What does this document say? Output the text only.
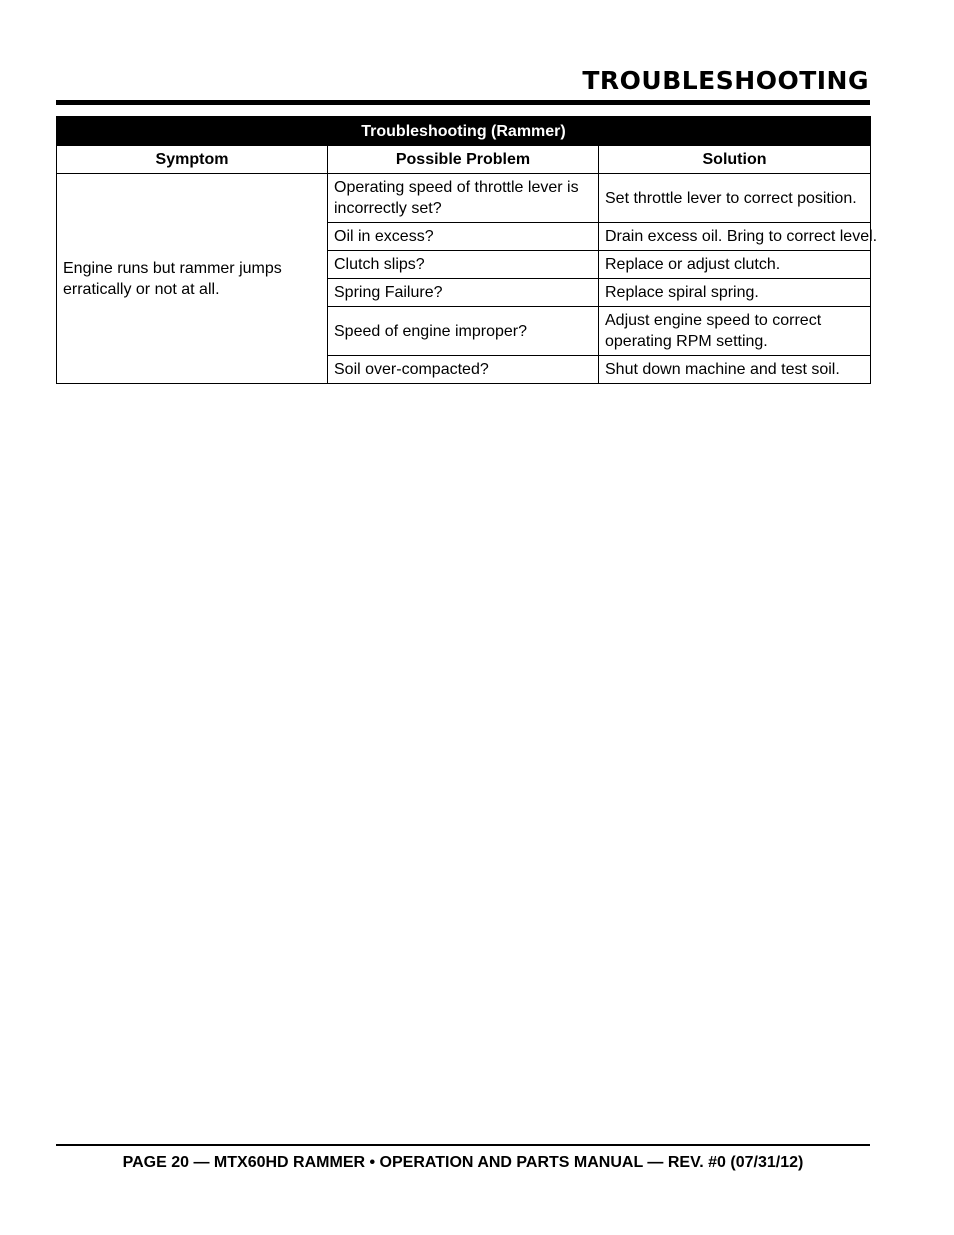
TROUBLESHOOTING
Troubleshooting (Rammer)		
Symptom	Possible Problem	Solution
Engine runs but rammer jumps erratically or not at all.	Operating speed of throttle lever is incorrectly set?	Set throttle lever to correct position.
	Oil in excess?	Drain excess oil. Bring to correct level.
	Clutch slips?	Replace or adjust clutch.
	Spring Failure?	Replace spiral spring.
	Speed of engine improper?	Adjust engine speed to correct operating RPM setting.
	Soil over-compacted?	Shut down machine and test soil.
PAGE 20 — MTX60HD RAMMER • OPERATION AND PARTS MANUAL — REV. #0 (07/31/12)
